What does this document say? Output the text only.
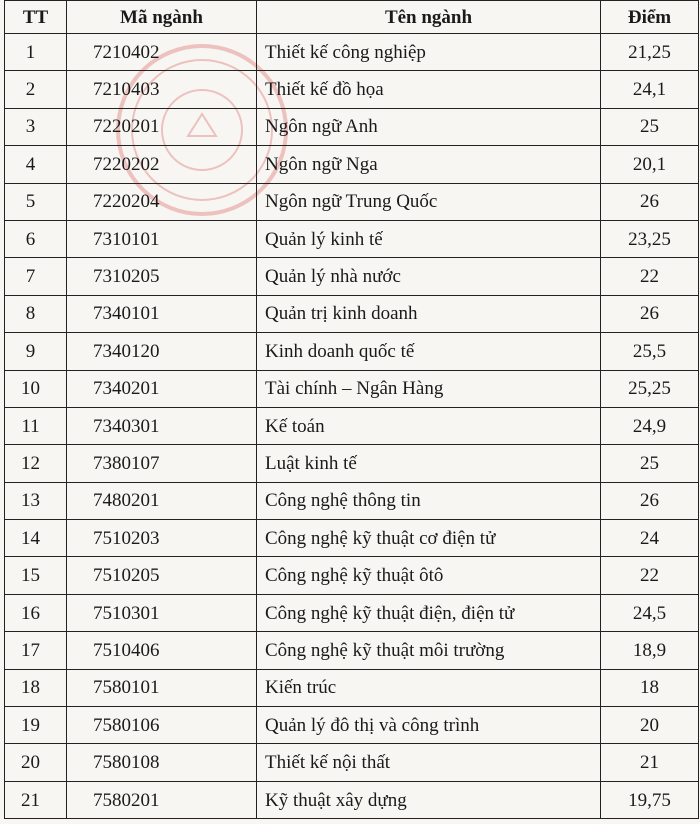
TT	Mã ngành	Tên ngành	Điểm
1	7210402	Thiết kế công nghiệp	21,25
2	7210403	Thiết kế đồ họa	24,1
3	7220201	Ngôn ngữ Anh	25
4	7220202	Ngôn ngữ Nga	20,1
5	7220204	Ngôn ngữ Trung Quốc	26
6	7310101	Quản lý kinh tế	23,25
7	7310205	Quản lý nhà nước	22
8	7340101	Quản trị kinh doanh	26
9	7340120	Kinh doanh quốc tế	25,5
10	7340201	Tài chính – Ngân Hàng	25,25
11	7340301	Kế toán	24,9
12	7380107	Luật kinh tế	25
13	7480201	Công nghệ thông tin	26
14	7510203	Công nghệ kỹ thuật cơ điện tử	24
15	7510205	Công nghệ kỹ thuật ôtô	22
16	7510301	Công nghệ kỹ thuật điện, điện tử	24,5
17	7510406	Công nghệ kỹ thuật môi trường	18,9
18	7580101	Kiến trúc	18
19	7580106	Quản lý đô thị và công trình	20
20	7580108	Thiết kế nội thất	21
21	7580201	Kỹ thuật xây dựng	19,75
